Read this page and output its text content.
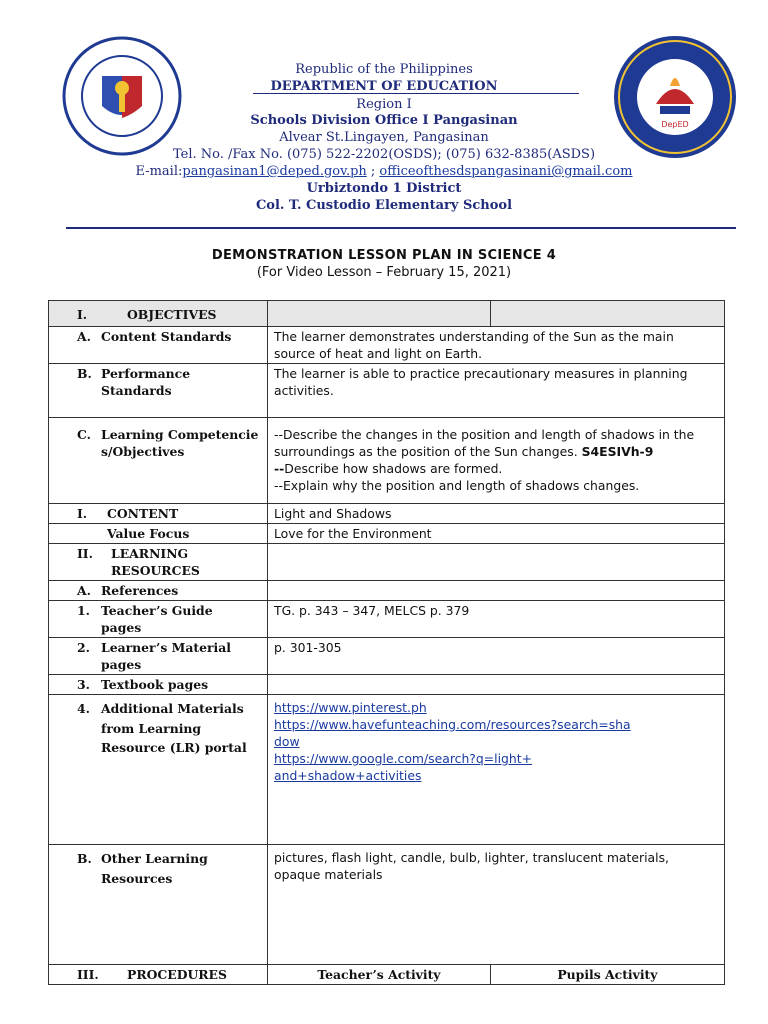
DepED
Republic of the Philippines
DEPARTMENT OF EDUCATION
Region I
Schools Division Office I Pangasinan
Alvear St.Lingayen, Pangasinan
Tel. No. /Fax No. (075) 522-2202(OSDS); (075) 632-8385(ASDS)
E-mail:pangasinan1@deped.gov.ph ; officeofthesdspangasinani@gmail.com
Urbiztondo 1 District
Col. T. Custodio Elementary School
DEMONSTRATION LESSON PLAN IN SCIENCE 4
(For Video Lesson – February 15, 2021)
I. OBJECTIVES		

A. Content Standards	The learner demonstrates understanding of the Sun as the main source of heat and light on Earth.	

B. Performance Standards	The learner is able to practice precautionary measures in planning activities.	

C. Learning Competencies/Objectives	--Describe the changes in the position and length of shadows in the surroundings as the position of the Sun changes. S4ESIVh-9
--Describe how shadows are formed.
--Explain why the position and length of shadows changes.	

I. CONTENT	Light and Shadows	

Value Focus	Love for the Environment	

II. LEARNING RESOURCES		

A. References		

1. Teacher’s Guide pages	TG. p. 343 – 347, MELCS p. 379	

2. Learner’s Material pages	p. 301-305	

3. Textbook pages		

4. Additional Materials from Learning Resource (LR) portal	https://www.pinterest.ph
https://www.havefunteaching.com/resources?search=shadow
https://www.google.com/search?q=light+and+shadow+activities	

B. Other Learning Resources	pictures, flash light, candle, bulb, lighter, translucent materials, opaque materials	

III. PROCEDURES	Teacher’s Activity	Pupils Activity
